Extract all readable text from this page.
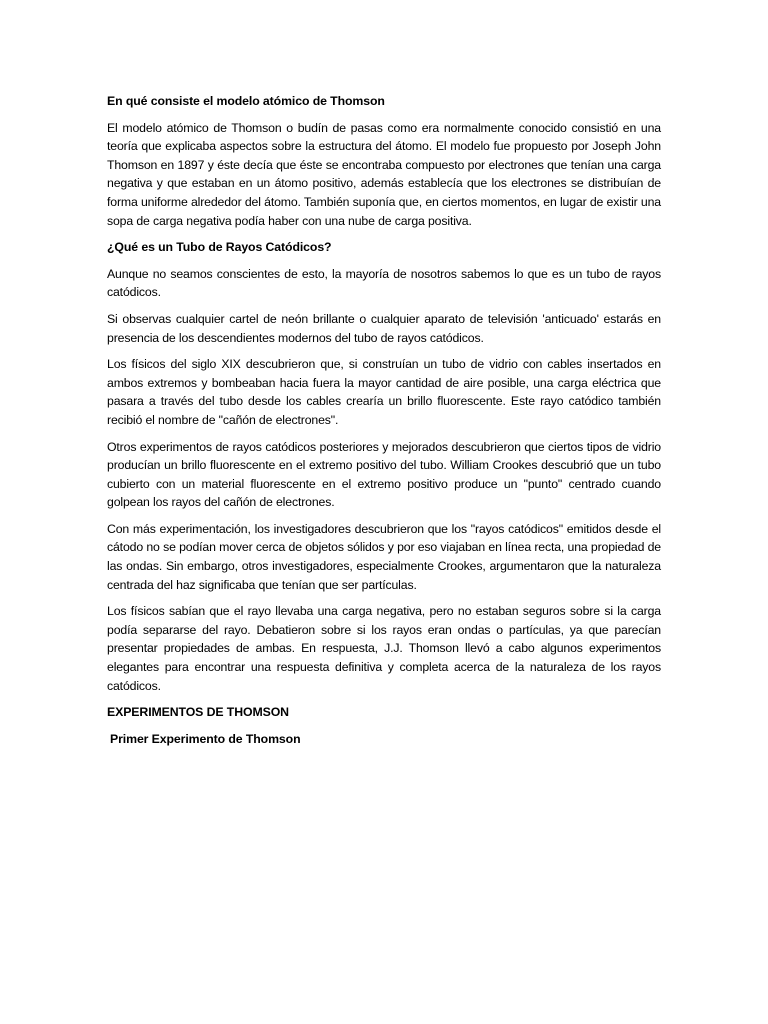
En qué consiste el modelo atómico de Thomson

El modelo atómico de Thomson o budín de pasas como era normalmente conocido consistió en una teoría que explicaba aspectos sobre la estructura del átomo. El modelo fue propuesto por Joseph John Thomson en 1897 y éste decía que éste se encontraba compuesto por electrones que tenían una carga negativa y que estaban en un átomo positivo, además establecía que los electrones se distribuían de forma uniforme alrededor del átomo. También suponía que, en ciertos momentos, en lugar de existir una sopa de carga negativa podía haber con una nube de carga positiva.

¿Qué es un Tubo de Rayos Catódicos?

Aunque no seamos conscientes de esto, la mayoría de nosotros sabemos lo que es un tubo de rayos catódicos.

Si observas cualquier cartel de neón brillante o cualquier aparato de televisión 'anticuado' estarás en presencia de los descendientes modernos del tubo de rayos catódicos.

Los físicos del siglo XIX descubrieron que, si construían un tubo de vidrio con cables insertados en ambos extremos y bombeaban hacia fuera la mayor cantidad de aire posible, una carga eléctrica que pasara a través del tubo desde los cables crearía un brillo fluorescente. Este rayo catódico también recibió el nombre de "cañón de electrones".

Otros experimentos de rayos catódicos posteriores y mejorados descubrieron que ciertos tipos de vidrio producían un brillo fluorescente en el extremo positivo del tubo. William Crookes descubrió que un tubo cubierto con un material fluorescente en el extremo positivo produce un "punto" centrado cuando golpean los rayos del cañón de electrones.

Con más experimentación, los investigadores descubrieron que los "rayos catódicos" emitidos desde el cátodo no se podían mover cerca de objetos sólidos y por eso viajaban en línea recta, una propiedad de las ondas. Sin embargo, otros investigadores, especialmente Crookes, argumentaron que la naturaleza centrada del haz significaba que tenían que ser partículas.

Los físicos sabían que el rayo llevaba una carga negativa, pero no estaban seguros sobre si la carga podía separarse del rayo. Debatieron sobre si los rayos eran ondas o partículas, ya que parecían presentar propiedades de ambas. En respuesta, J.J. Thomson llevó a cabo algunos experimentos elegantes para encontrar una respuesta definitiva y completa acerca de la naturaleza de los rayos catódicos.

EXPERIMENTOS DE THOMSON

Primer Experimento de Thomson
